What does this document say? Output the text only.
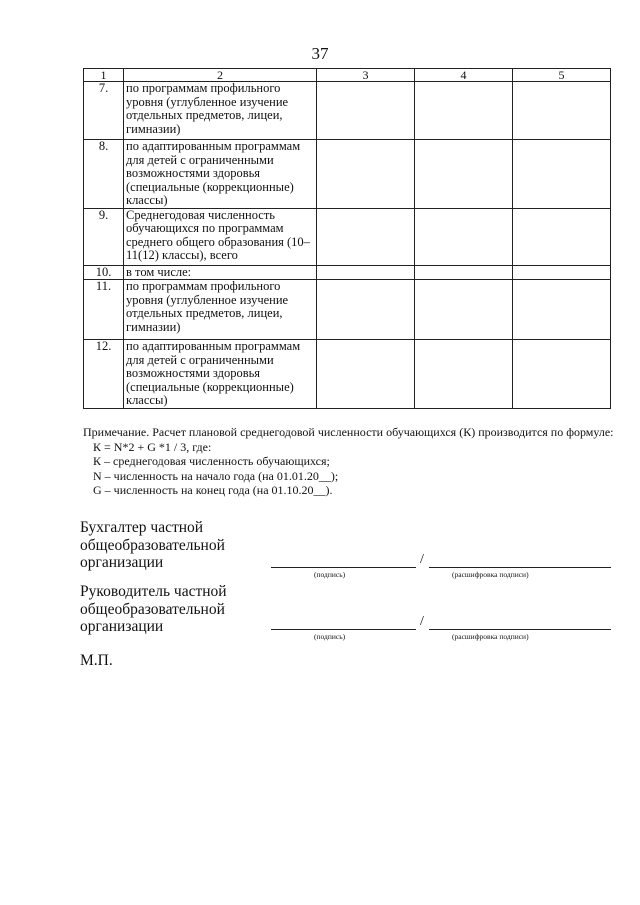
37
1	2	3	4	5
7.	по программам профильного уровня (углубленное изучение отдельных предметов, лицеи, гимназии)			
8.	по адаптированным программам для детей с ограниченными возможностями здоровья (специальные (коррекционные) классы)			
9.	Среднегодовая численность обучающихся по программам среднего общего образования (10–11(12) классы), всего			
10.	в том числе:			
11.	по программам профильного уровня (углубленное изучение отдельных предметов, лицеи, гимназии)			
12.	по адаптированным программам для детей с ограниченными возможностями здоровья (специальные (коррекционные) классы)			
Примечание. Расчет плановой среднегодовой численности обучающихся (К) производится по формуле:
К = N*2 + G *1 / 3, где:
К – среднегодовая численность обучающихся;
N – численность на начало года (на 01.01.20__);
G – численность на конец года (на 01.10.20__).
Бухгалтер частной
общеобразовательной
организации	/
(подпись)	(расшифровка подписи)
Руководитель частной
общеобразовательной
организации	/
(подпись)	(расшифровка подписи)
М.П.
